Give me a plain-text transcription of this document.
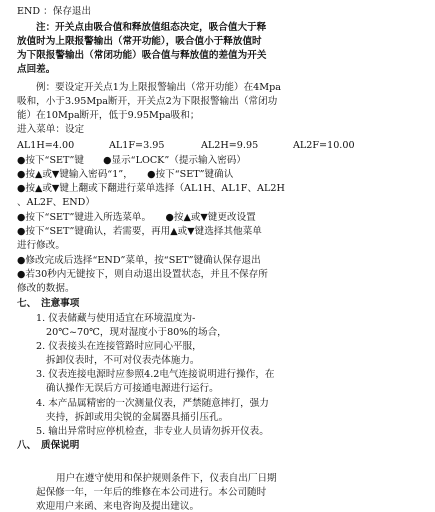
END ：保存退出
注：开关点由吸合值和释放值组态决定，吸合值大于释
放值时为上限报警输出（常开功能），吸合值小于释放值时
为下限报警输出（常闭功能）吸合值与释放值的差值为开关
点回差。
例：要设定开关点1为上限报警输出（常开功能）在4Mpa
吸和，小于3.95Mpa断开，开关点2为下限报警输出（常闭功
能）在10Mpa断开，低于9.95Mpa吸和；
进入菜单：设定
AL1H=4.00	AL1F=3.95	AL2H=9.95	AL2F=10.00
●按下“SET”键　　●显示“LOCK”（提示输入密码）
●按▲或▼键输入密码“1”，　　●按下“SET”键确认
●按▲或▼键上翻或下翻进行菜单选择（AL1H、AL1F、AL2H
、AL2F、END）
●按下“SET”键进入所选菜单。　　●按▲或▼键更改设置
●按下“SET”键确认，若需要，再用▲或▼键选择其他菜单
进行修改。
●修改完成后选择“END”菜单，按“SET”键确认保存退出
●若30秒内无键按下，则自动退出设置状态，并且不保存所
修改的数据。
七、　注意事项
1. 仪表储藏与使用适宜在环境温度为-
20℃~70℃，现对湿度小于80%的场合，
2. 仪表接头在连接管路时应同心平服，
拆卸仪表时，不可对仪表壳体施力。
3. 仪表连接电源时应参照4.2电气连接说明进行操作，在
确认操作无误后方可接通电源进行运行。
4. 本产品属精密的一次测量仪表，严禁随意摔打，强力
夹持，拆卸或用尖锐的金属器具捅引压孔。
5. 输出异常时应停机检查，非专业人员请勿拆开仪表。
八、　质保说明
用户在遵守使用和保护规则条件下，仪表自出厂日期
起保修一年，一年后的维修在本公司进行。本公司随时
欢迎用户来函、来电咨询及提出建议。
